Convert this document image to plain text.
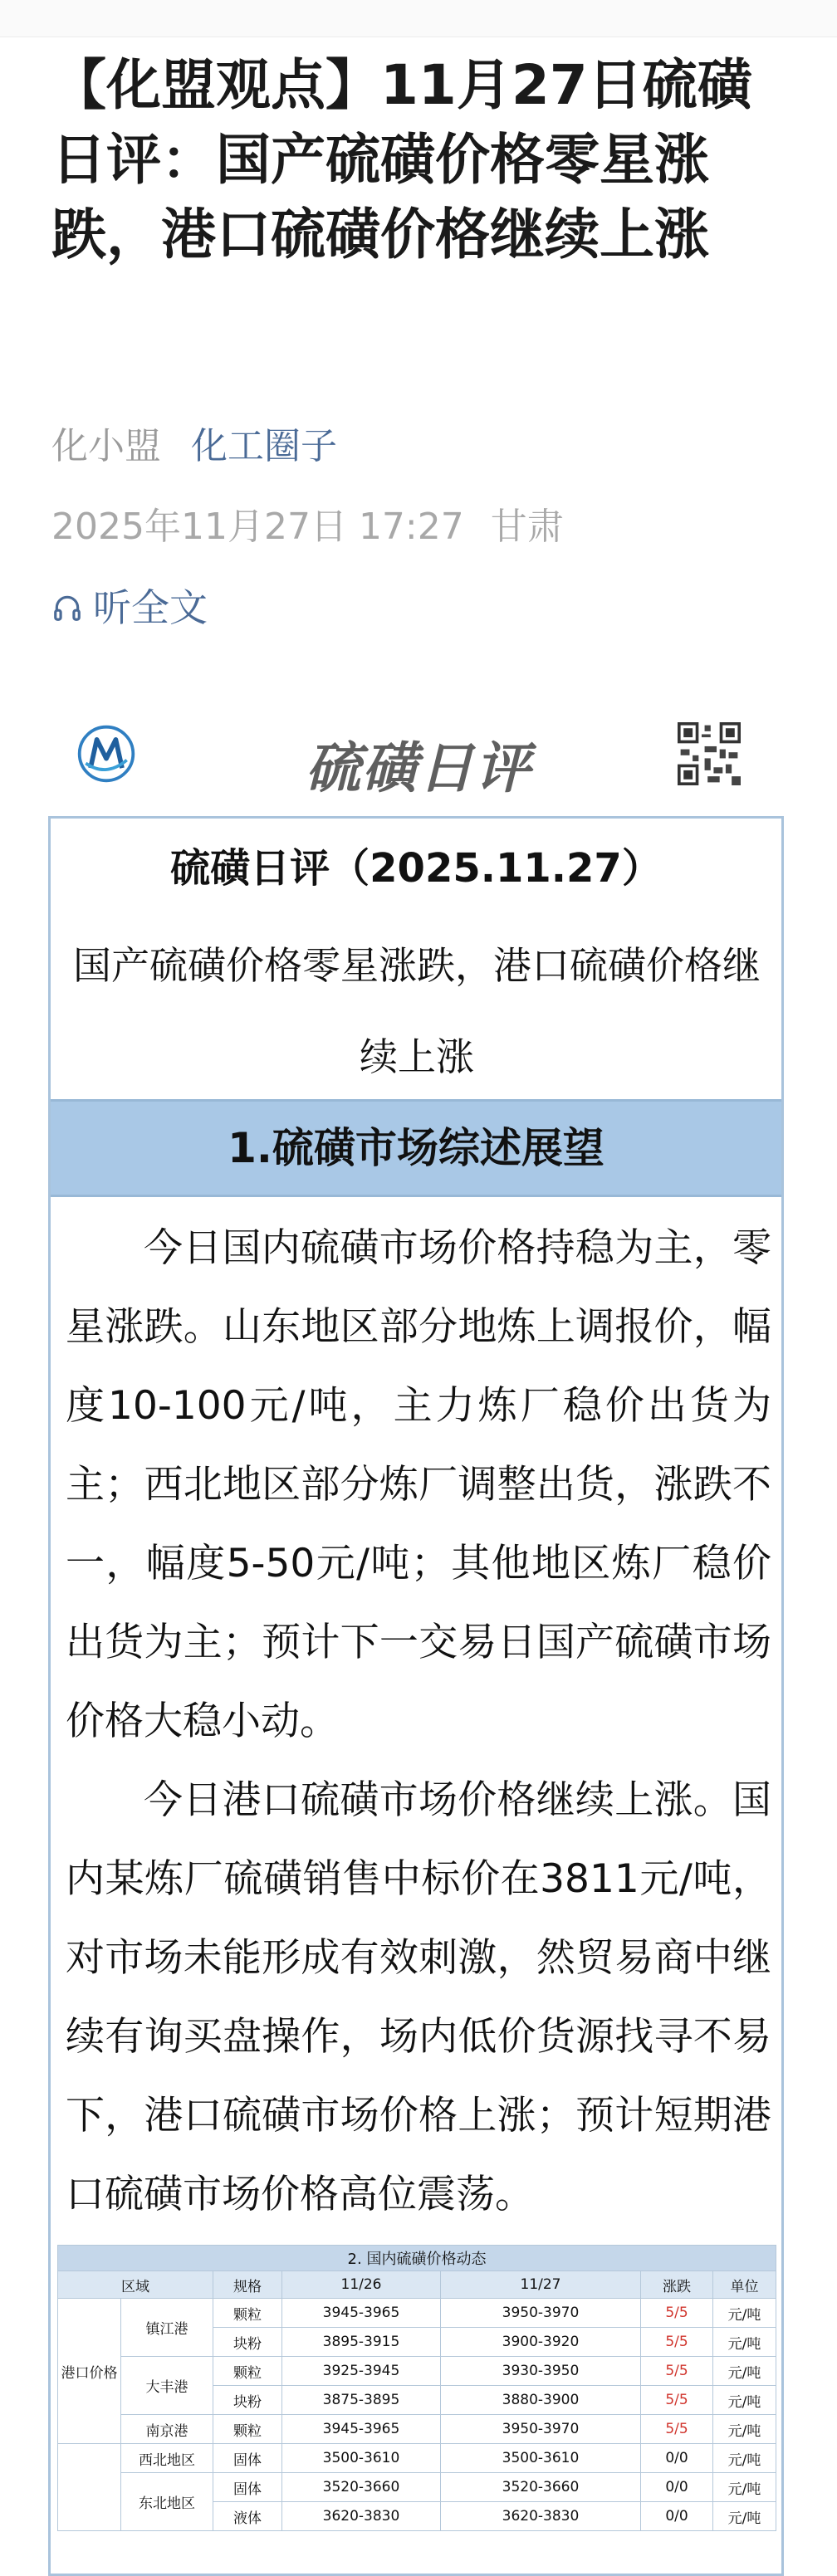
【化盟观点】11月27日硫磺日评：国产硫磺价格零星涨跌，港口硫磺价格继续上涨
化小盟 化工圈子
2025年11月27日 17:27 甘肃
听全文
硫磺日评
硫磺日评（2025.11.27）
国产硫磺价格零星涨跌，港口硫磺价格继续上涨
1.硫磺市场综述展望

今日国内硫磺市场价格持稳为主，零星涨跌。山东地区部分地炼上调报价，幅度10-100元/吨，主力炼厂稳价出货为主；西北地区部分炼厂调整出货，涨跌不一，幅度5-50元/吨；其他地区炼厂稳价出货为主；预计下一交易日国产硫磺市场价格大稳小动。

今日港口硫磺市场价格继续上涨。国内某炼厂硫磺销售中标价在3811元/吨，对市场未能形成有效刺激，然贸易商中继续有询买盘操作，场内低价货源找寻不易下，港口硫磺市场价格上涨；预计短期港口硫磺市场价格高位震荡。

2. 国内硫磺价格动态						
区域		规格	11/26	11/27	涨跌	单位
港口价格	镇江港	颗粒	3945-3965	3950-3970	5/5	元/吨
		块粉	3895-3915	3900-3920	5/5	元/吨
	大丰港	颗粒	3925-3945	3930-3950	5/5	元/吨
		块粉	3875-3895	3880-3900	5/5	元/吨
	南京港	颗粒	3945-3965	3950-3970	5/5	元/吨
	西北地区	固体	3500-3610	3500-3610	0/0	元/吨
	东北地区	固体	3520-3660	3520-3660	0/0	元/吨
		液体	3620-3830	3620-3830	0/0	元/吨
